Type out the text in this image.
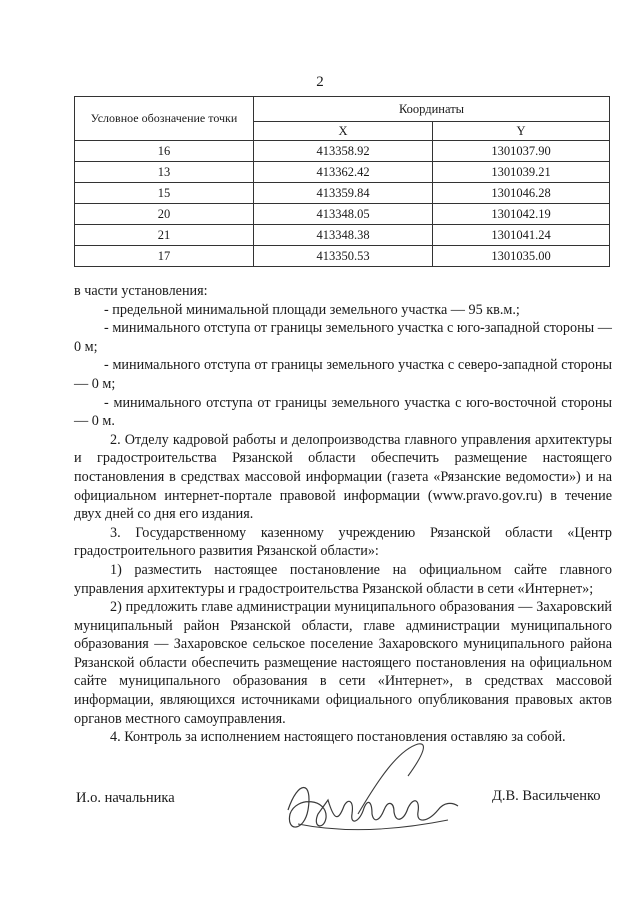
2
Условное обозначение точки	Координаты	
	X	Y
16	413358.92	1301037.90
13	413362.42	1301039.21
15	413359.84	1301046.28
20	413348.05	1301042.19
21	413348.38	1301041.24
17	413350.53	1301035.00

в части установления:

- предельной минимальной площади земельного участка — 95 кв.м.;

- минимального отступа от границы земельного участка с юго-западной стороны — 0 м;

- минимального отступа от границы земельного участка с северо-западной стороны — 0 м;

- минимального отступа от границы земельного участка с юго-восточной стороны — 0 м.

2. Отделу кадровой работы и делопроизводства главного управления архитектуры и градостроительства Рязанской области обеспечить размещение настоящего постановления в средствах массовой информации (газета «Рязанские ведомости») и на официальном интернет-портале правовой информации (www.pravo.gov.ru) в течение двух дней со дня его издания.

3. Государственному казенному учреждению Рязанской области «Центр градостроительного развития Рязанской области»:

1) разместить настоящее постановление на официальном сайте главного управления архитектуры и градостроительства Рязанской области в сети «Интернет»;

2) предложить главе администрации муниципального образования — Захаровский муниципальный район Рязанской области, главе администрации муниципального образования — Захаровское сельское поселение Захаровского муниципального района Рязанской области обеспечить размещение настоящего постановления на официальном сайте муниципального образования в сети «Интернет», в средствах массовой информации, являющихся источниками официального опубликования правовых актов органов местного самоуправления.

4. Контроль за исполнением настоящего постановления оставляю за собой.

И.о. начальника	Д.В. Васильченко
